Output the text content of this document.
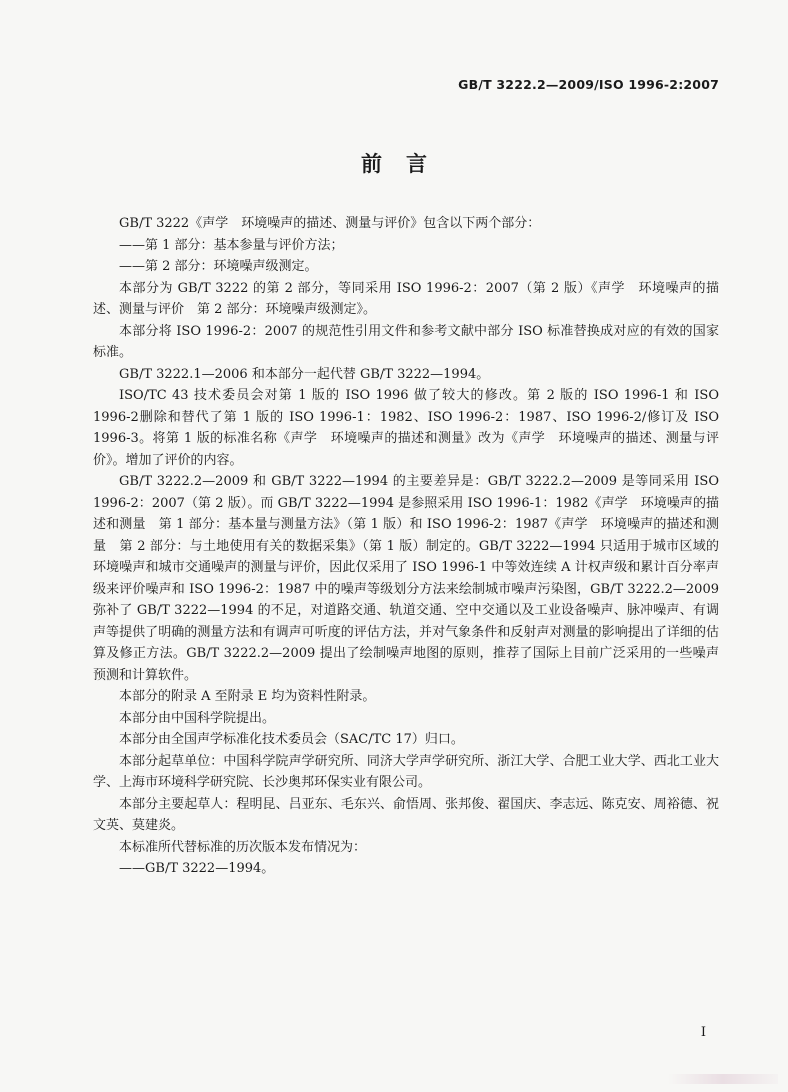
GB/T 3222.2—2009/ISO 1996-2:2007
前言

GB/T 3222《声学　环境噪声的描述、测量与评价》包含以下两个部分：

——第 1 部分：基本参量与评价方法；

——第 2 部分：环境噪声级测定。

本部分为 GB/T 3222 的第 2 部分，等同采用 ISO 1996-2：2007（第 2 版）《声学　环境噪声的描述、测量与评价　第 2 部分：环境噪声级测定》。

本部分将 ISO 1996-2：2007 的规范性引用文件和参考文献中部分 ISO 标准替换成对应的有效的国家标准。

GB/T 3222.1—2006 和本部分一起代替 GB/T 3222—1994。

ISO/TC 43 技术委员会对第 1 版的 ISO 1996 做了较大的修改。第 2 版的 ISO 1996-1 和 ISO 1996-2删除和替代了第 1 版的 ISO 1996-1：1982、ISO 1996-2：1987、ISO 1996-2/修订及 ISO 1996-3。将第 1 版的标准名称《声学　环境噪声的描述和测量》改为《声学　环境噪声的描述、测量与评价》。增加了评价的内容。

GB/T 3222.2—2009 和 GB/T 3222—1994 的主要差异是：GB/T 3222.2—2009 是等同采用 ISO 1996-2：2007（第 2 版）。而 GB/T 3222—1994 是参照采用 ISO 1996-1：1982《声学　环境噪声的描述和测量　第 1 部分：基本量与测量方法》（第 1 版）和 ISO 1996-2：1987《声学　环境噪声的描述和测量　第 2 部分：与土地使用有关的数据采集》（第 1 版）制定的。GB/T 3222—1994 只适用于城市区域的环境噪声和城市交通噪声的测量与评价，因此仅采用了 ISO 1996-1 中等效连续 A 计权声级和累计百分率声级来评价噪声和 ISO 1996-2：1987 中的噪声等级划分方法来绘制城市噪声污染图，GB/T 3222.2—2009 弥补了 GB/T 3222—1994 的不足，对道路交通、轨道交通、空中交通以及工业设备噪声、脉冲噪声、有调声等提供了明确的测量方法和有调声可听度的评估方法，并对气象条件和反射声对测量的影响提出了详细的估算及修正方法。GB/T 3222.2—2009 提出了绘制噪声地图的原则，推荐了国际上目前广泛采用的一些噪声预测和计算软件。

本部分的附录 A 至附录 E 均为资料性附录。

本部分由中国科学院提出。

本部分由全国声学标准化技术委员会（SAC/TC 17）归口。

本部分起草单位：中国科学院声学研究所、同济大学声学研究所、浙江大学、合肥工业大学、西北工业大学、上海市环境科学研究院、长沙奥邦环保实业有限公司。

本部分主要起草人：程明昆、吕亚东、毛东兴、俞悟周、张邦俊、翟国庆、李志远、陈克安、周裕德、祝文英、莫建炎。

本标准所代替标准的历次版本发布情况为：

——GB/T 3222—1994。

I
